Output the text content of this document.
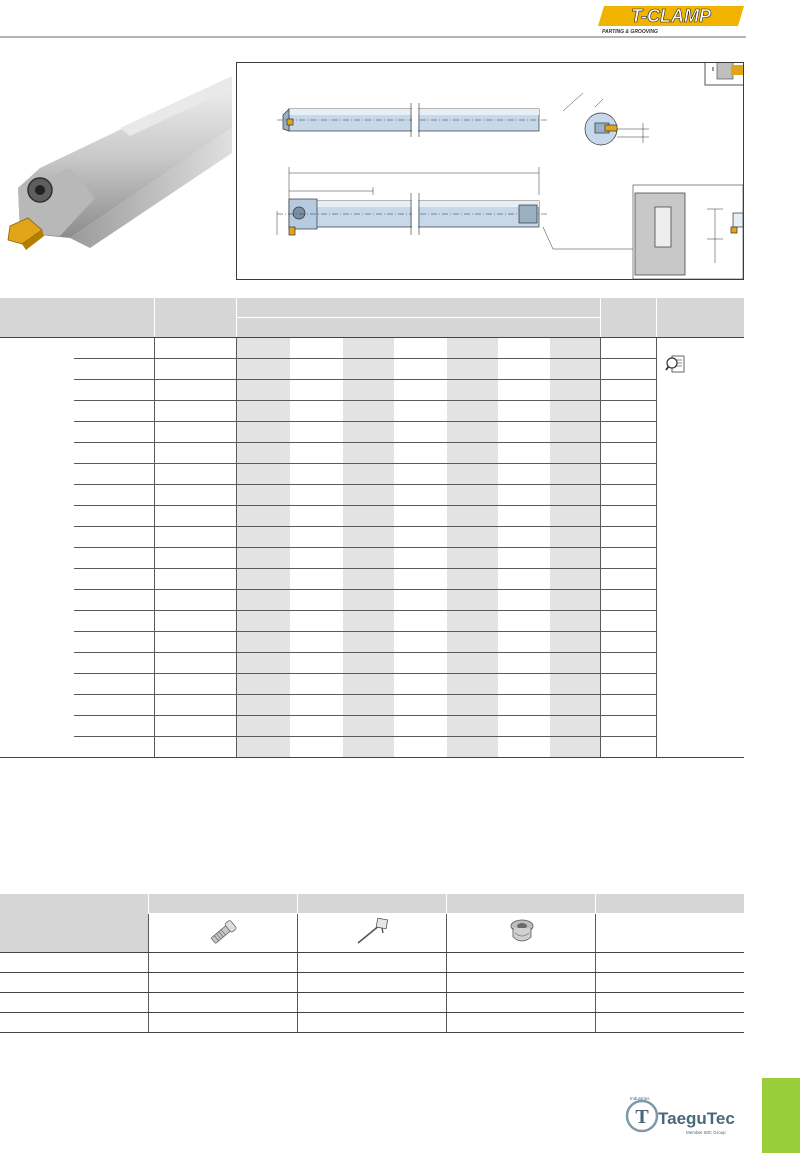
T-CLAMP
PARTING & GROOVING

T TaeguTec
Industries
Member IMC Group
